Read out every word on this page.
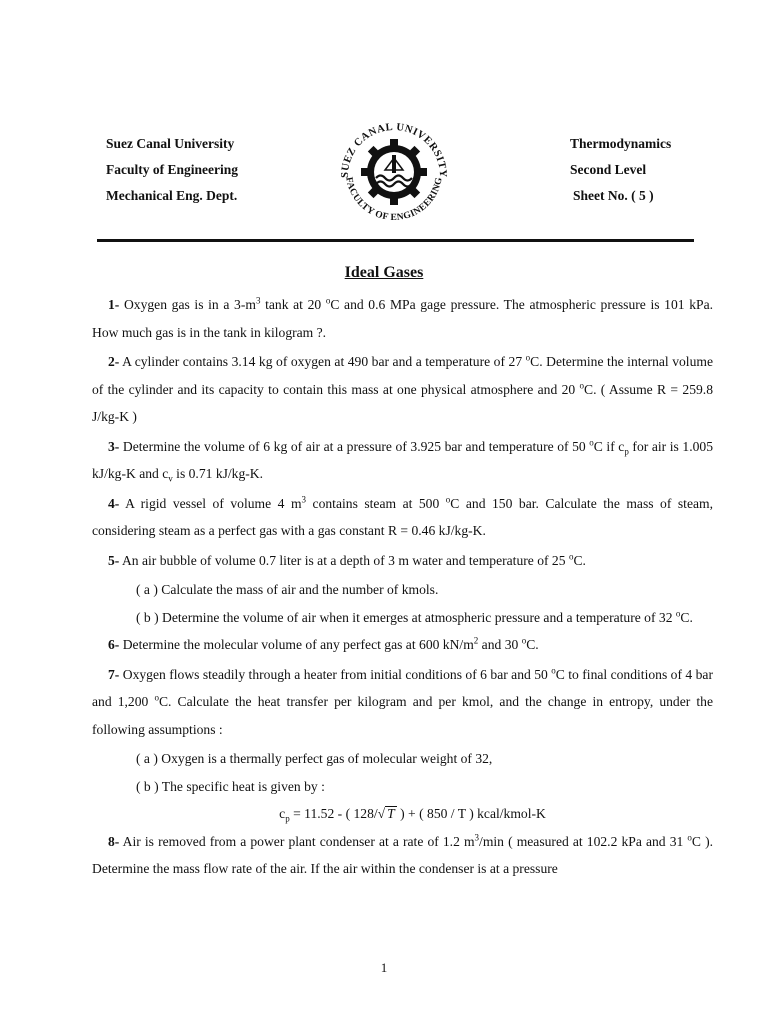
Suez Canal University
Faculty of Engineering
Mechanical Eng. Dept.
SUEZ CANAL UNIVERSITY
FACULTY OF ENGINEERING
Thermodynamics
Second Level
Sheet No. ( 5 )
Ideal Gases

1- Oxygen gas is in a $3-m^3$ tank at 20 $^o$C and 0.6 MPa gage pressure. The atmospheric pressure is 101 kPa. How much gas is in the tank in kilogram ?.

2- A cylinder contains 3.14 kg of oxygen at 490 bar and a temperature of 27 $^o$C. Determine the internal volume of the cylinder and its capacity to contain this mass at one physical atmosphere and 20 $^o$C. ( Assume R = 259.8 J/kg-K )

3- Determine the volume of 6 kg of air at a pressure of 3.925 bar and temperature of 50 $^o$C if $c_p$ for air is 1.005 kJ/kg-K and $c_v$ is 0.71 kJ/kg-K.

4- A rigid vessel of volume 4 $m^3$ contains steam at 500 $^o$C and 150 bar. Calculate the mass of steam, considering steam as a perfect gas with a gas constant R = 0.46 kJ/kg-K.

5- An air bubble of volume 0.7 liter is at a depth of 3 m water and temperature of 25 $^o$C.

( a ) Calculate the mass of air and the number of kmols.

( b ) Determine the volume of air when it emerges at atmospheric pressure and a temperature of 32 $^o$C.

6- Determine the molecular volume of any perfect gas at 600 $kN/m^2$ and 30 $^o$C.

7- Oxygen flows steadily through a heater from initial conditions of 6 bar and 50 $^o$C to final conditions of 4 bar and 1,200 $^o$C. Calculate the heat transfer per kilogram and per kmol, and the change in entropy, under the following assumptions :

( a ) Oxygen is a thermally perfect gas of molecular weight of 32,

( b ) The specific heat is given by :

$c_p = 11.52$ - ( 128/√ T ) + ( 850 / T ) kcal/kmol-K

8- Air is removed from a power plant condenser at a rate of 1.2 $m^3/\min$ ( measured at 102.2 kPa and 31 $^o$C ). Determine the mass flow rate of the air. If the air within the condenser is at a pressure

1
